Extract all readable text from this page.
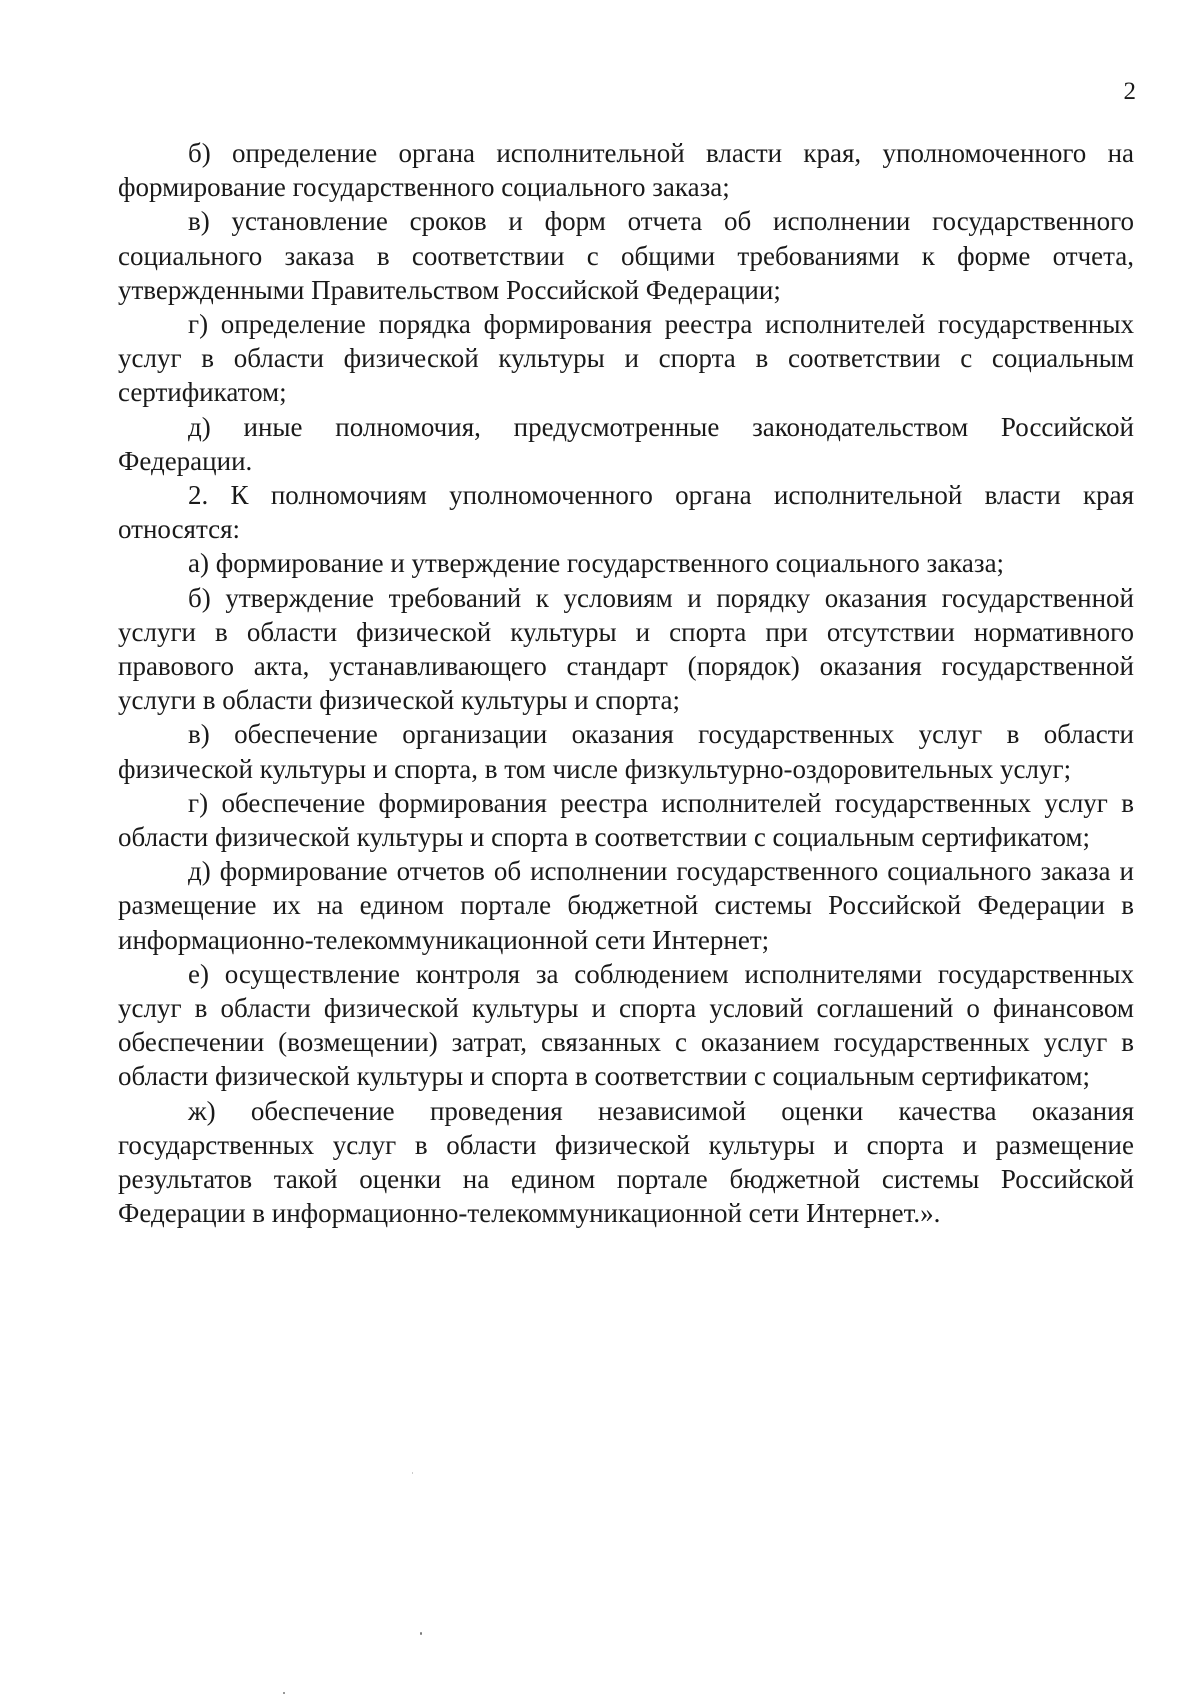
2

б) определение органа исполнительной власти края, уполномоченного на формирование государственного социального заказа;

в) установление сроков и форм отчета об исполнении государственного социального заказа в соответствии с общими требованиями к форме отчета, утвержденными Правительством Российской Федерации;

г) определение порядка формирования реестра исполнителей государственных услуг в области физической культуры и спорта в соответствии с социальным сертификатом;

д) иные полномочия, предусмотренные законодательством Российской Федерации.

2. К полномочиям уполномоченного органа исполнительной власти края относятся:

а) формирование и утверждение государственного социального заказа;

б) утверждение требований к условиям и порядку оказания государственной услуги в области физической культуры и спорта при отсутствии нормативного правового акта, устанавливающего стандарт (порядок) оказания государственной услуги в области физической культуры и спорта;

в) обеспечение организации оказания государственных услуг в области физической культуры и спорта, в том числе физкультурно-оздоровительных услуг;

г) обеспечение формирования реестра исполнителей государственных услуг в области физической культуры и спорта в соответствии с социальным сертификатом;

д) формирование отчетов об исполнении государственного социального заказа и размещение их на едином портале бюджетной системы Российской Федерации в информационно-телекоммуникационной сети Интернет;

е) осуществление контроля за соблюдением исполнителями государственных услуг в области физической культуры и спорта условий соглашений о финансовом обеспечении (возмещении) затрат, связанных с оказанием государственных услуг в области физической культуры и спорта в соответствии с социальным сертификатом;

ж) обеспечение проведения независимой оценки качества оказания государственных услуг в области физической культуры и спорта и размещение результатов такой оценки на едином портале бюджетной системы Российской Федерации в информационно-телекоммуникационной сети Интернет.».
